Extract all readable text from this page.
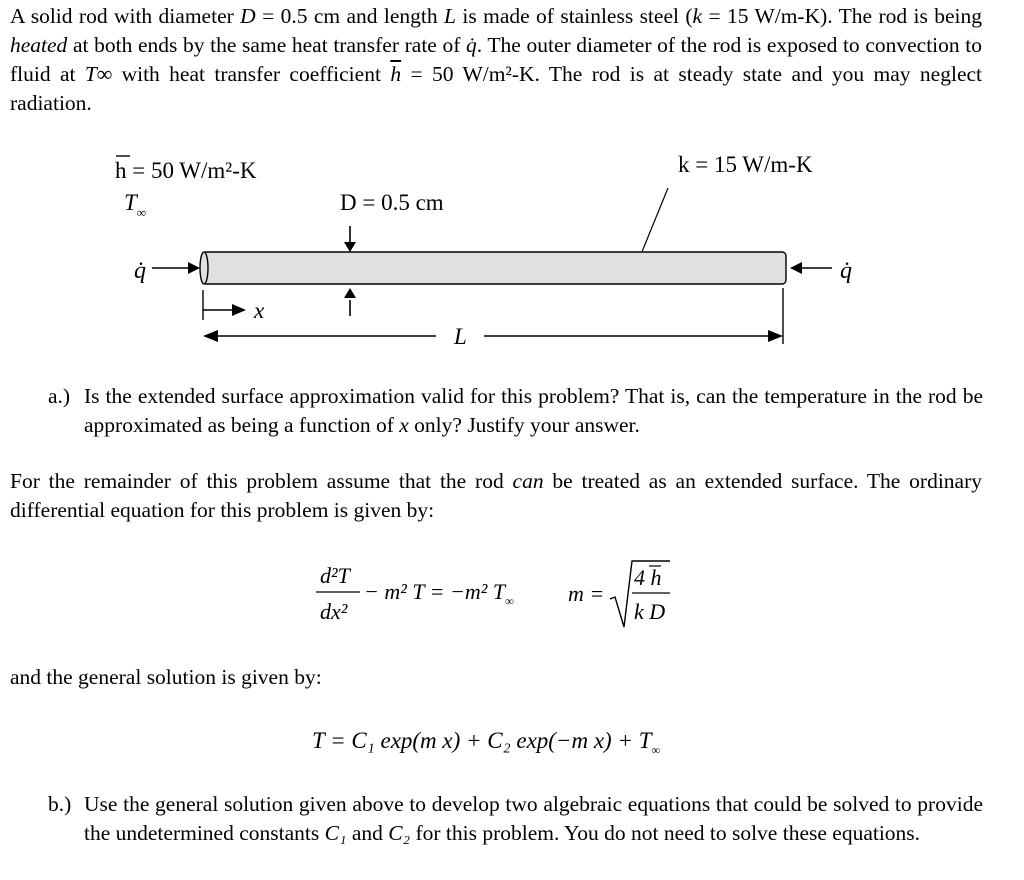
A solid rod with diameter D = 0.5 cm and length L is made of stainless steel (k = 15 W/m-K). The rod is being heated at both ends by the same heat transfer rate of q̇. The outer diameter of the rod is exposed to convection to fluid at T∞ with heat transfer coefficient $\overline{h} = 50$ W/m²-K. The rod is at steady state and you may neglect radiation.
h = 50 W/m²-K
$T_\infty$	D = 0.5 cm
k = 15 W/m-K
q̇	q̇
x
L
a.) Is the extended surface approximation valid for this problem? That is, can the temperature in the rod be approximated as being a function of x only? Justify your answer.
For the remainder of this problem assume that the rod can be treated as an extended surface. The ordinary differential equation for this problem is given by:
d²T
dx²
− m² T = −m² $T_\infty$ m =
4 h
k D
and the general solution is given by:
T = C₁ exp(m x) + C₂ exp(−m $x) + T_\infty$
b.) Use the general solution given above to develop two algebraic equations that could be solved to provide the undetermined constants C₁ and C₂ for this problem. You do not need to solve these equations.
